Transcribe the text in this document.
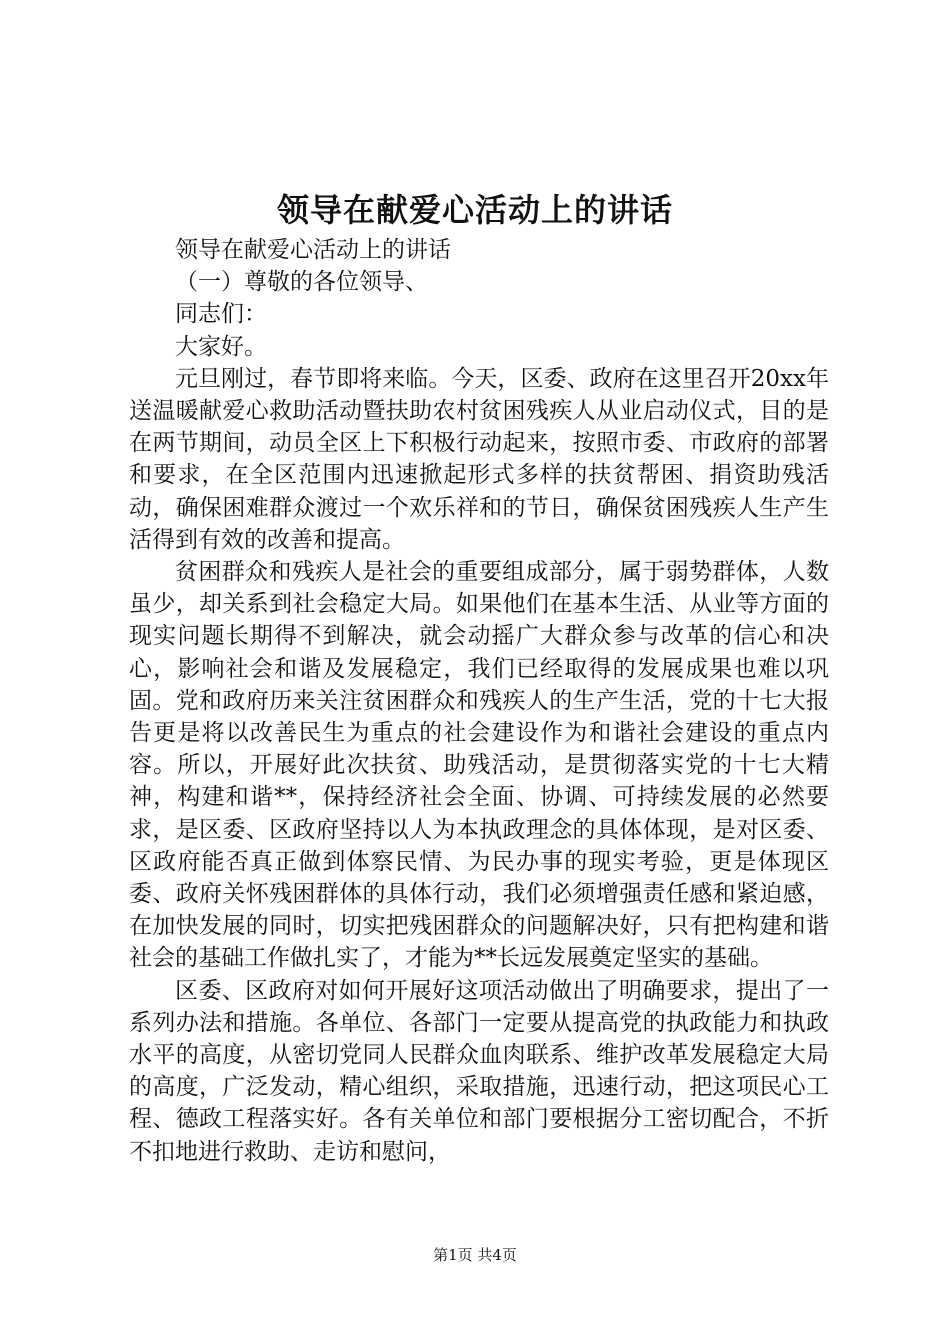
领导在献爱心活动上的讲话

领导在献爱心活动上的讲话

（一）尊敬的各位领导、

同志们：

大家好。

元旦刚过，春节即将来临。今天，区委、政府在这里召开20xx年送温暖献爱心救助活动暨扶助农村贫困残疾人从业启动仪式，目的是在两节期间，动员全区上下积极行动起来，按照市委、市政府的部署和要求，在全区范围内迅速掀起形式多样的扶贫帮困、捐资助残活动，确保困难群众渡过一个欢乐祥和的节日，确保贫困残疾人生产生活得到有效的改善和提高。

贫困群众和残疾人是社会的重要组成部分，属于弱势群体，人数虽少，却关系到社会稳定大局。如果他们在基本生活、从业等方面的现实问题长期得不到解决，就会动摇广大群众参与改革的信心和决心，影响社会和谐及发展稳定，我们已经取得的发展成果也难以巩固。党和政府历来关注贫困群众和残疾人的生产生活，党的十七大报告更是将以改善民生为重点的社会建设作为和谐社会建设的重点内容。所以，开展好此次扶贫、助残活动，是贯彻落实党的十七大精神，构建和谐**，保持经济社会全面、协调、可持续发展的必然要求，是区委、区政府坚持以人为本执政理念的具体体现，是对区委、区政府能否真正做到体察民情、为民办事的现实考验，更是体现区委、政府关怀残困群体的具体行动，我们必须增强责任感和紧迫感，在加快发展的同时，切实把残困群众的问题解决好，只有把构建和谐社会的基础工作做扎实了，才能为**长远发展奠定坚实的基础。

区委、区政府对如何开展好这项活动做出了明确要求，提出了一系列办法和措施。各单位、各部门一定要从提高党的执政能力和执政水平的高度，从密切党同人民群众血肉联系、维护改革发展稳定大局的高度，广泛发动，精心组织，采取措施，迅速行动，把这项民心工程、德政工程落实好。各有关单位和部门要根据分工密切配合，不折不扣地进行救助、走访和慰问，

第1页 共4页
